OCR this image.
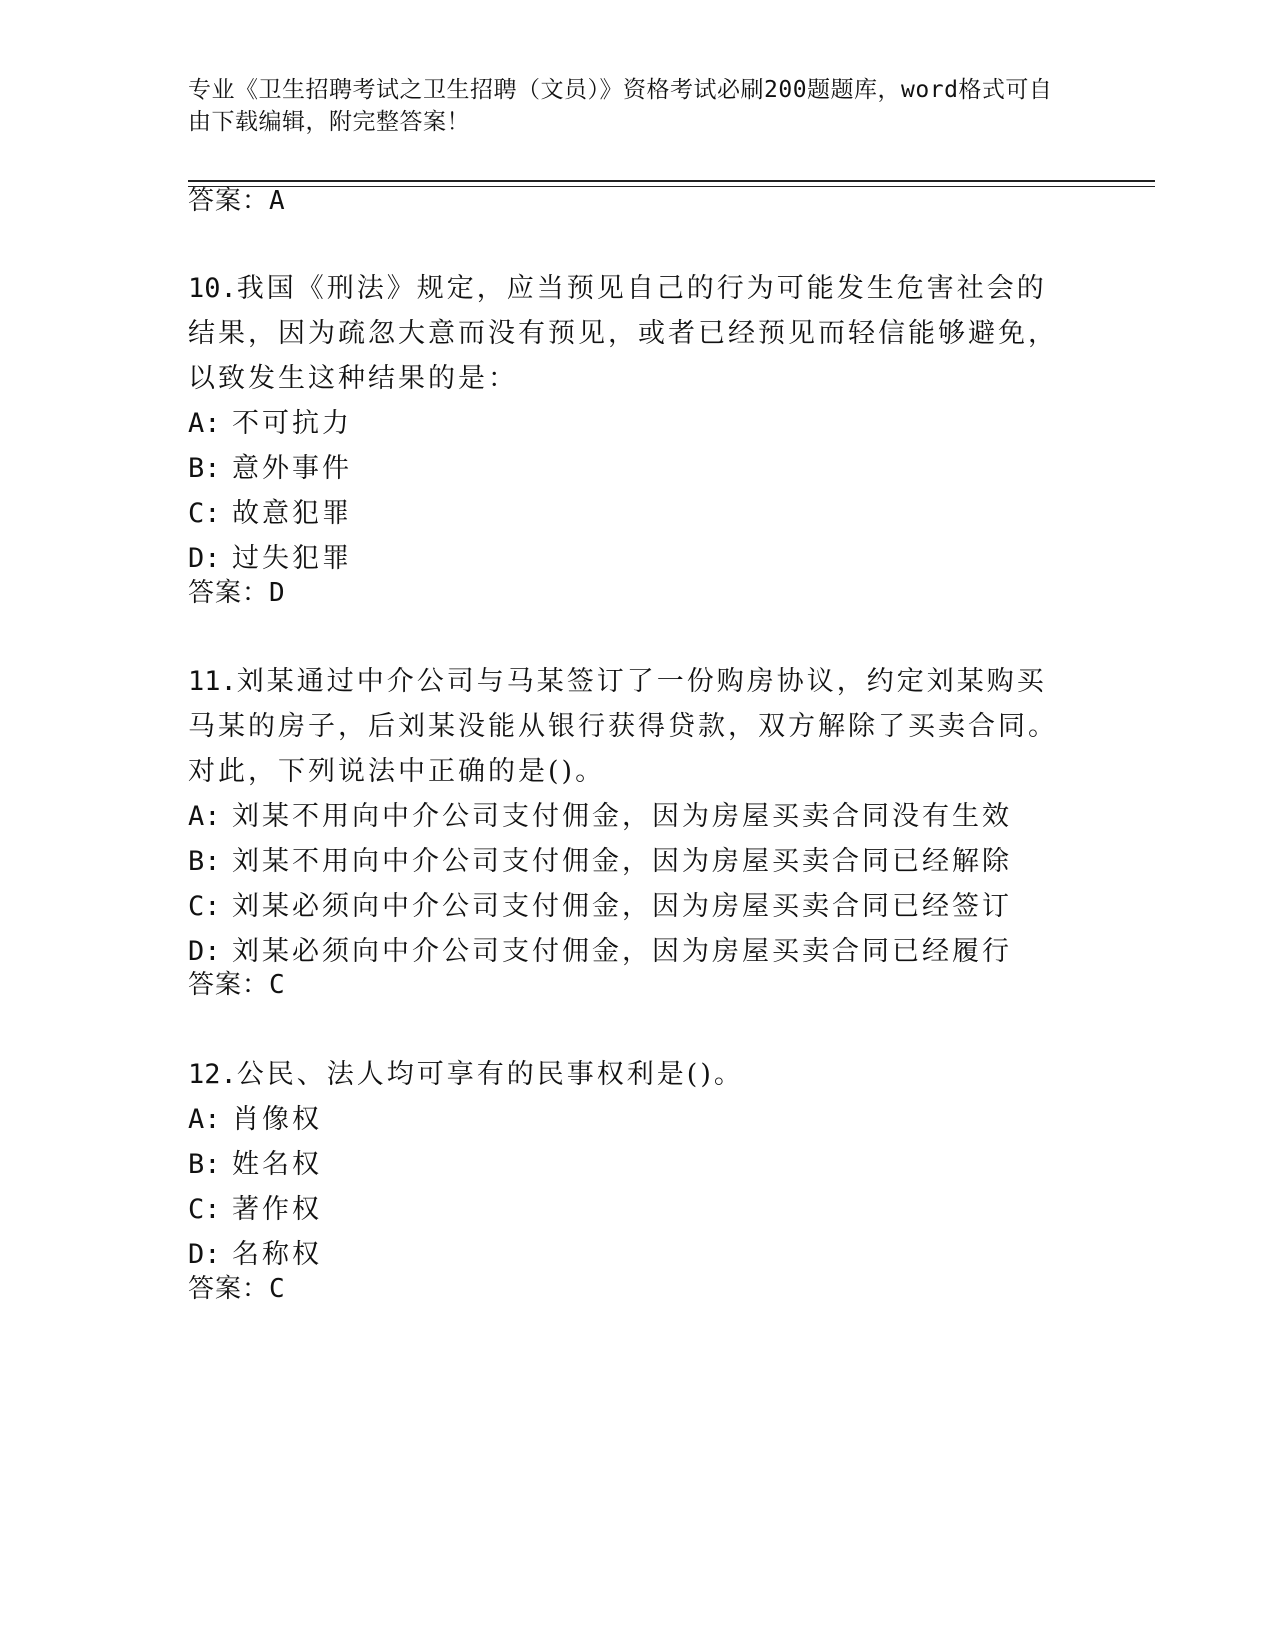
专业《卫生招聘考试之卫生招聘（文员）》资格考试必刷200题题库，word格式可自由下载编辑，附完整答案！
答案：A

10.我国《刑法》规定，应当预见自己的行为可能发生危害社会的结果，因为疏忽大意而没有预见，或者已经预见而轻信能够避免，以致发生这种结果的是：

A: 不可抗力
B: 意外事件
C: 故意犯罪
D: 过失犯罪
答案：D

11.刘某通过中介公司与马某签订了一份购房协议，约定刘某购买马某的房子，后刘某没能从银行获得贷款，双方解除了买卖合同。对此，下列说法中正确的是()。

A: 刘某不用向中介公司支付佣金，因为房屋买卖合同没有生效
B: 刘某不用向中介公司支付佣金，因为房屋买卖合同已经解除
C: 刘某必须向中介公司支付佣金，因为房屋买卖合同已经签订
D: 刘某必须向中介公司支付佣金，因为房屋买卖合同已经履行
答案：C

12.公民、法人均可享有的民事权利是()。

A: 肖像权
B: 姓名权
C: 著作权
D: 名称权
答案：C
